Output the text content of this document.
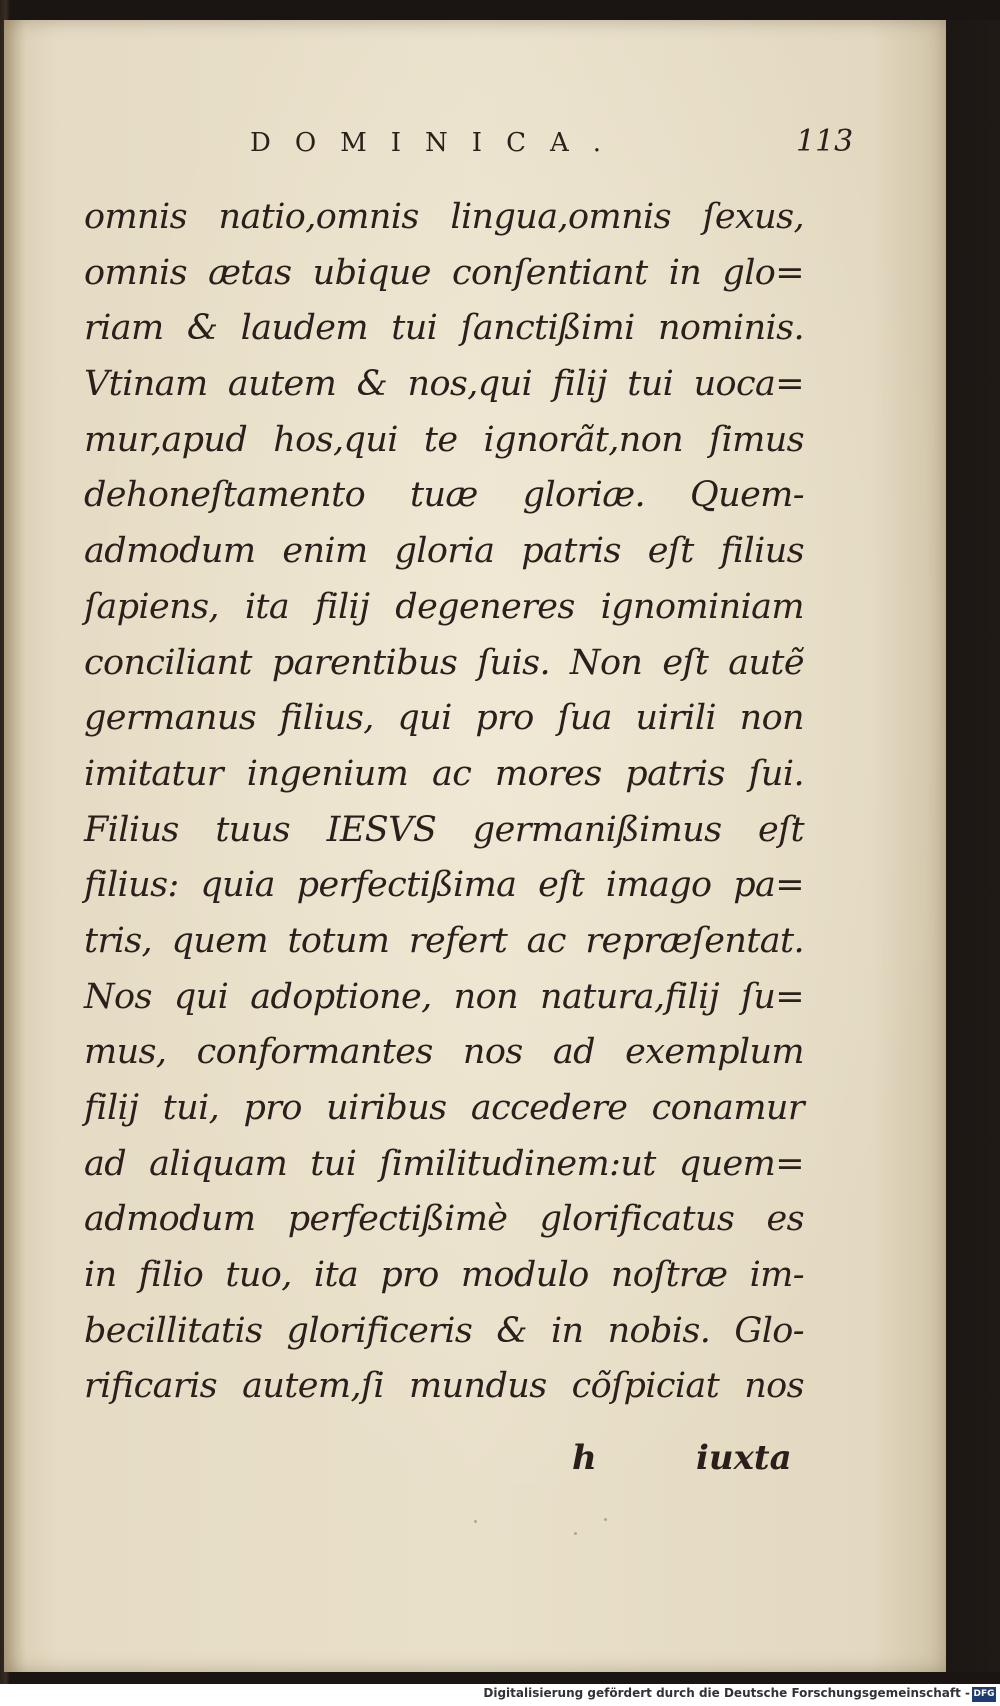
DOMINICA.	113
omnis natio,omnis lingua,omnis ſexus,
omnis ætas ubique conſentiant in glo=
riam & laudem tui ſanctißimi nominis.
Vtinam autem & nos,qui filij tui uoca=
mur,apud hos,qui te ignorãt,non ſimus
dehoneſtamento tuæ gloriæ. Quem-
admodum enim gloria patris eſt filius
ſapiens, ita filij degeneres ignominiam
conciliant parentibus ſuis. Non eſt autẽ
germanus filius, qui pro ſua uirili non
imitatur ingenium ac mores patris ſui.
Filius tuus IESVS germanißimus eſt
filius: quia perfectißima eſt imago pa=
tris, quem totum refert ac repræſentat.
Nos qui adoptione, non natura,filij ſu=
mus, conformantes nos ad exemplum
filij tui, pro uiribus accedere conamur
ad aliquam tui ſimilitudinem:ut quem=
admodum perfectißimè glorificatus es
in filio tuo, ita pro modulo noſtræ im-
becillitatis glorificeris & in nobis. Glo-
rificaris autem,ſi mundus cõſpiciat nos
h	iuxta
Digitalisierung gefördert durch die Deutsche Forschungsgemeinschaft - DFG
